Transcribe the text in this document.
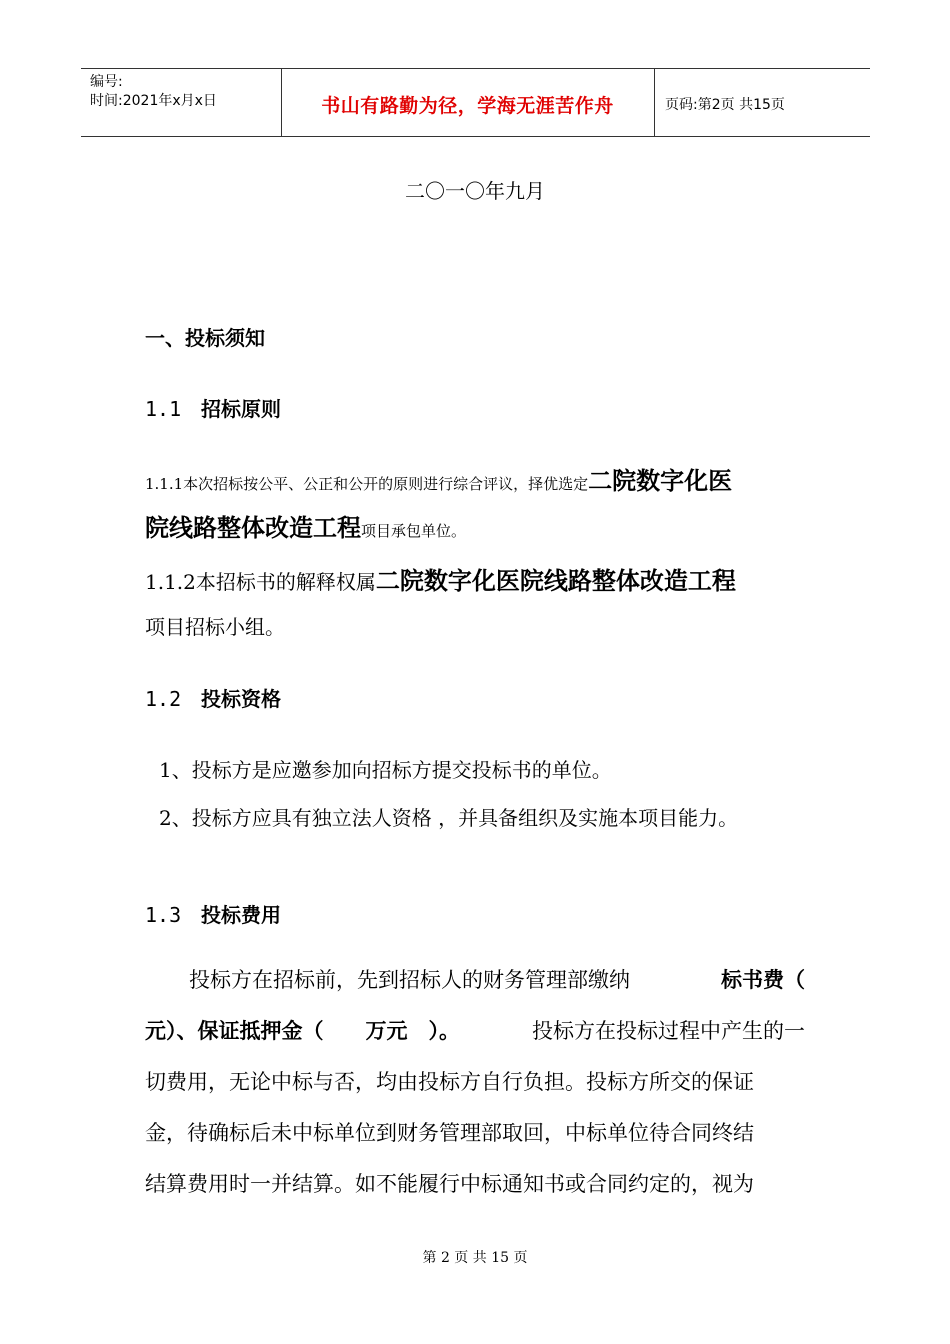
编号:
时间:2021年x月x日	书山有路勤为径，学海无涯苦作舟	页码:第2页 共15页
二〇一〇年九月
一、投标须知
1.1 招标原则
1.1.1本次招标按公平、公正和公开的原则进行综合评议，择优选定二院数字化医
院线路整体改造工程项目承包单位。
1.1.2本招标书的解释权属二院数字化医院线路整体改造工程
项目招标小组。
1.2 投标资格
1、投标方是应邀参加向招标方提交投标书的单位。
2、投标方应具有独立法人资格 ，并具备组织及实施本项目能力。
1.3 投标费用
投标方在招标前，先到招标人的财务管理部缴纳	标书费（
元）、保证抵押金（　　万元　）。	投标方在投标过程中产生的一
切费用，无论中标与否，均由投标方自行负担。投标方所交的保证
金，待确标后未中标单位到财务管理部取回，中标单位待合同终结
结算费用时一并结算。如不能履行中标通知书或合同约定的，视为
第 2 页 共 15 页
